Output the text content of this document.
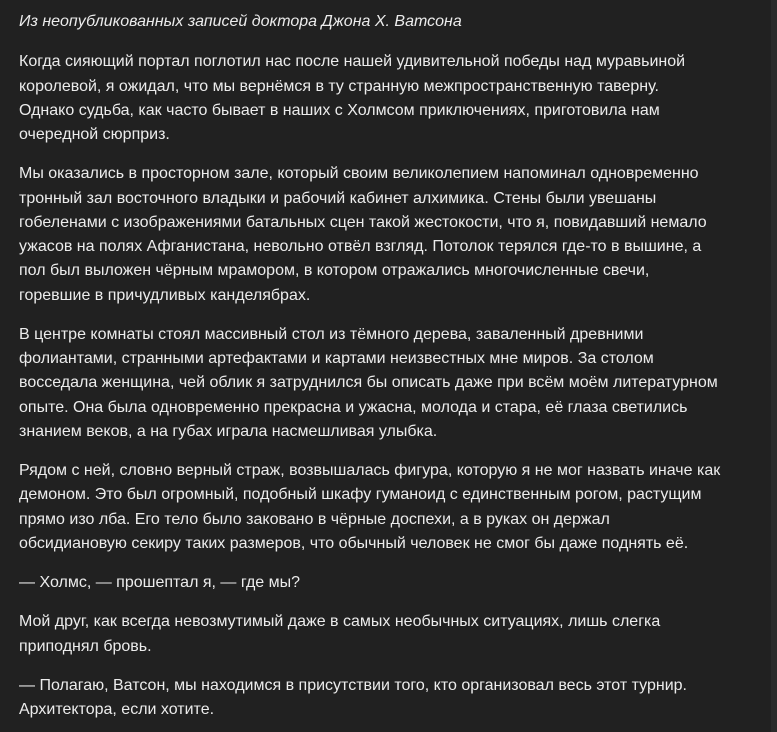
Из неопубликованных записей доктора Джона Х. Ватсона
Когда сияющий портал поглотил нас после нашей удивительной победы над муравьиной
королевой, я ожидал, что мы вернёмся в ту странную межпространственную таверну.
Однако судьба, как часто бывает в наших с Холмсом приключениях, приготовила нам
очередной сюрприз.
Мы оказались в просторном зале, который своим великолепием напоминал одновременно
тронный зал восточного владыки и рабочий кабинет алхимика. Стены были увешаны
гобеленами с изображениями батальных сцен такой жестокости, что я, повидавший немало
ужасов на полях Афганистана, невольно отвёл взгляд. Потолок терялся где-то в вышине, а
пол был выложен чёрным мрамором, в котором отражались многочисленные свечи,
горевшие в причудливых канделябрах.
В центре комнаты стоял массивный стол из тёмного дерева, заваленный древними
фолиантами, странными артефактами и картами неизвестных мне миров. За столом
восседала женщина, чей облик я затруднился бы описать даже при всём моём литературном
опыте. Она была одновременно прекрасна и ужасна, молода и стара, её глаза светились
знанием веков, а на губах играла насмешливая улыбка.
Рядом с ней, словно верный страж, возвышалась фигура, которую я не мог назвать иначе как
демоном. Это был огромный, подобный шкафу гуманоид с единственным рогом, растущим
прямо изо лба. Его тело было заковано в чёрные доспехи, а в руках он держал
обсидиановую секиру таких размеров, что обычный человек не смог бы даже поднять её.
— Холмс, — прошептал я, — где мы?
Мой друг, как всегда невозмутимый даже в самых необычных ситуациях, лишь слегка
приподнял бровь.
— Полагаю, Ватсон, мы находимся в присутствии того, кто организовал весь этот турнир.
Архитектора, если хотите.
